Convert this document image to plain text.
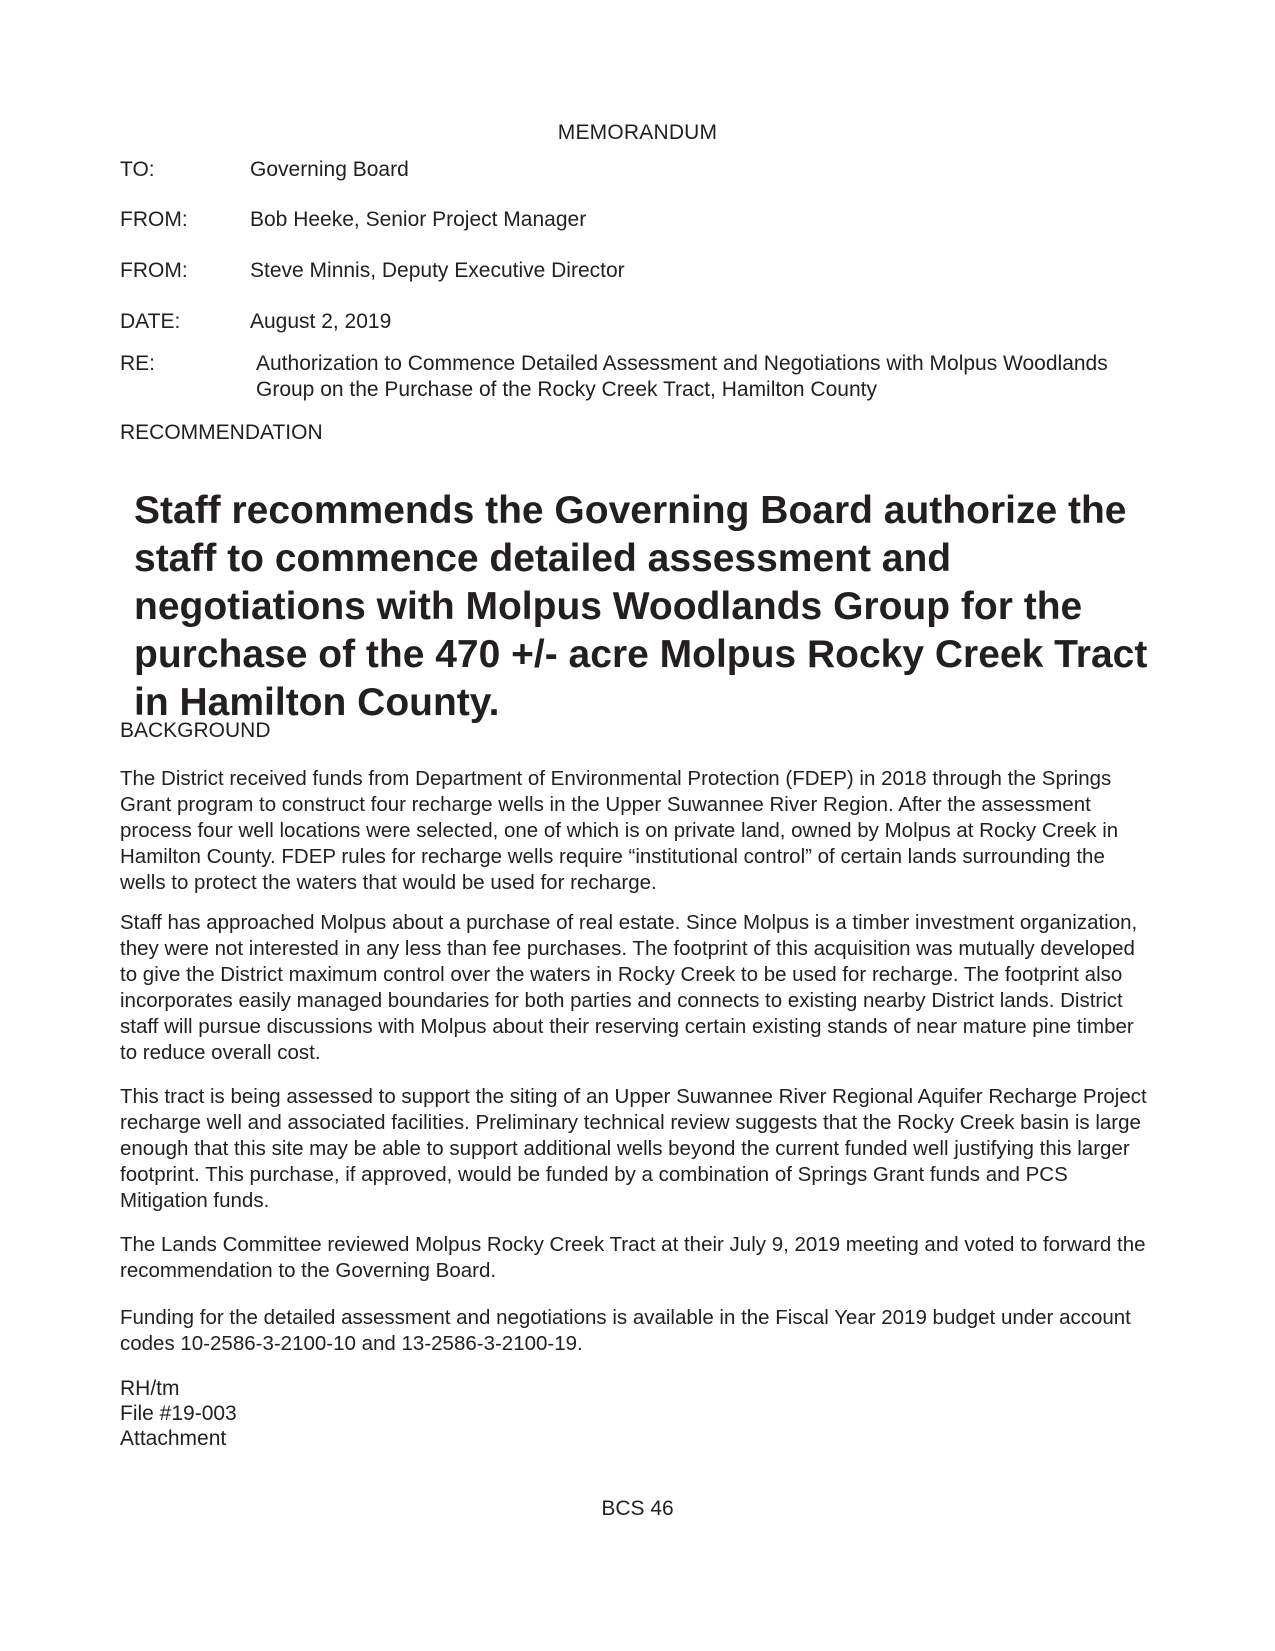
MEMORANDUM
TO:	Governing Board
FROM:	Bob Heeke, Senior Project Manager
FROM:	Steve Minnis, Deputy Executive Director
DATE:	August 2, 2019
RE:	Authorization to Commence Detailed Assessment and Negotiations with Molpus Woodlands Group on the Purchase of the Rocky Creek Tract, Hamilton County
RECOMMENDATION

Staff recommends the Governing Board authorize the staff to commence detailed assessment and negotiations with Molpus Woodlands Group for the purchase of the 470 +/- acre Molpus Rocky Creek Tract in Hamilton County.

BACKGROUND

The District received funds from Department of Environmental Protection (FDEP) in 2018 through the Springs Grant program to construct four recharge wells in the Upper Suwannee River Region. After the assessment process four well locations were selected, one of which is on private land, owned by Molpus at Rocky Creek in Hamilton County. FDEP rules for recharge wells require “institutional control” of certain lands surrounding the wells to protect the waters that would be used for recharge.

Staff has approached Molpus about a purchase of real estate. Since Molpus is a timber investment organization, they were not interested in any less than fee purchases. The footprint of this acquisition was mutually developed to give the District maximum control over the waters in Rocky Creek to be used for recharge. The footprint also incorporates easily managed boundaries for both parties and connects to existing nearby District lands. District staff will pursue discussions with Molpus about their reserving certain existing stands of near mature pine timber to reduce overall cost.

This tract is being assessed to support the siting of an Upper Suwannee River Regional Aquifer Recharge Project recharge well and associated facilities. Preliminary technical review suggests that the Rocky Creek basin is large enough that this site may be able to support additional wells beyond the current funded well justifying this larger footprint. This purchase, if approved, would be funded by a combination of Springs Grant funds and PCS Mitigation funds.

The Lands Committee reviewed Molpus Rocky Creek Tract at their July 9, 2019 meeting and voted to forward the recommendation to the Governing Board.

Funding for the detailed assessment and negotiations is available in the Fiscal Year 2019 budget under account codes 10-2586-3-2100-10 and 13-2586-3-2100-19.

RH/tm
File #19-003
Attachment
BCS 46
